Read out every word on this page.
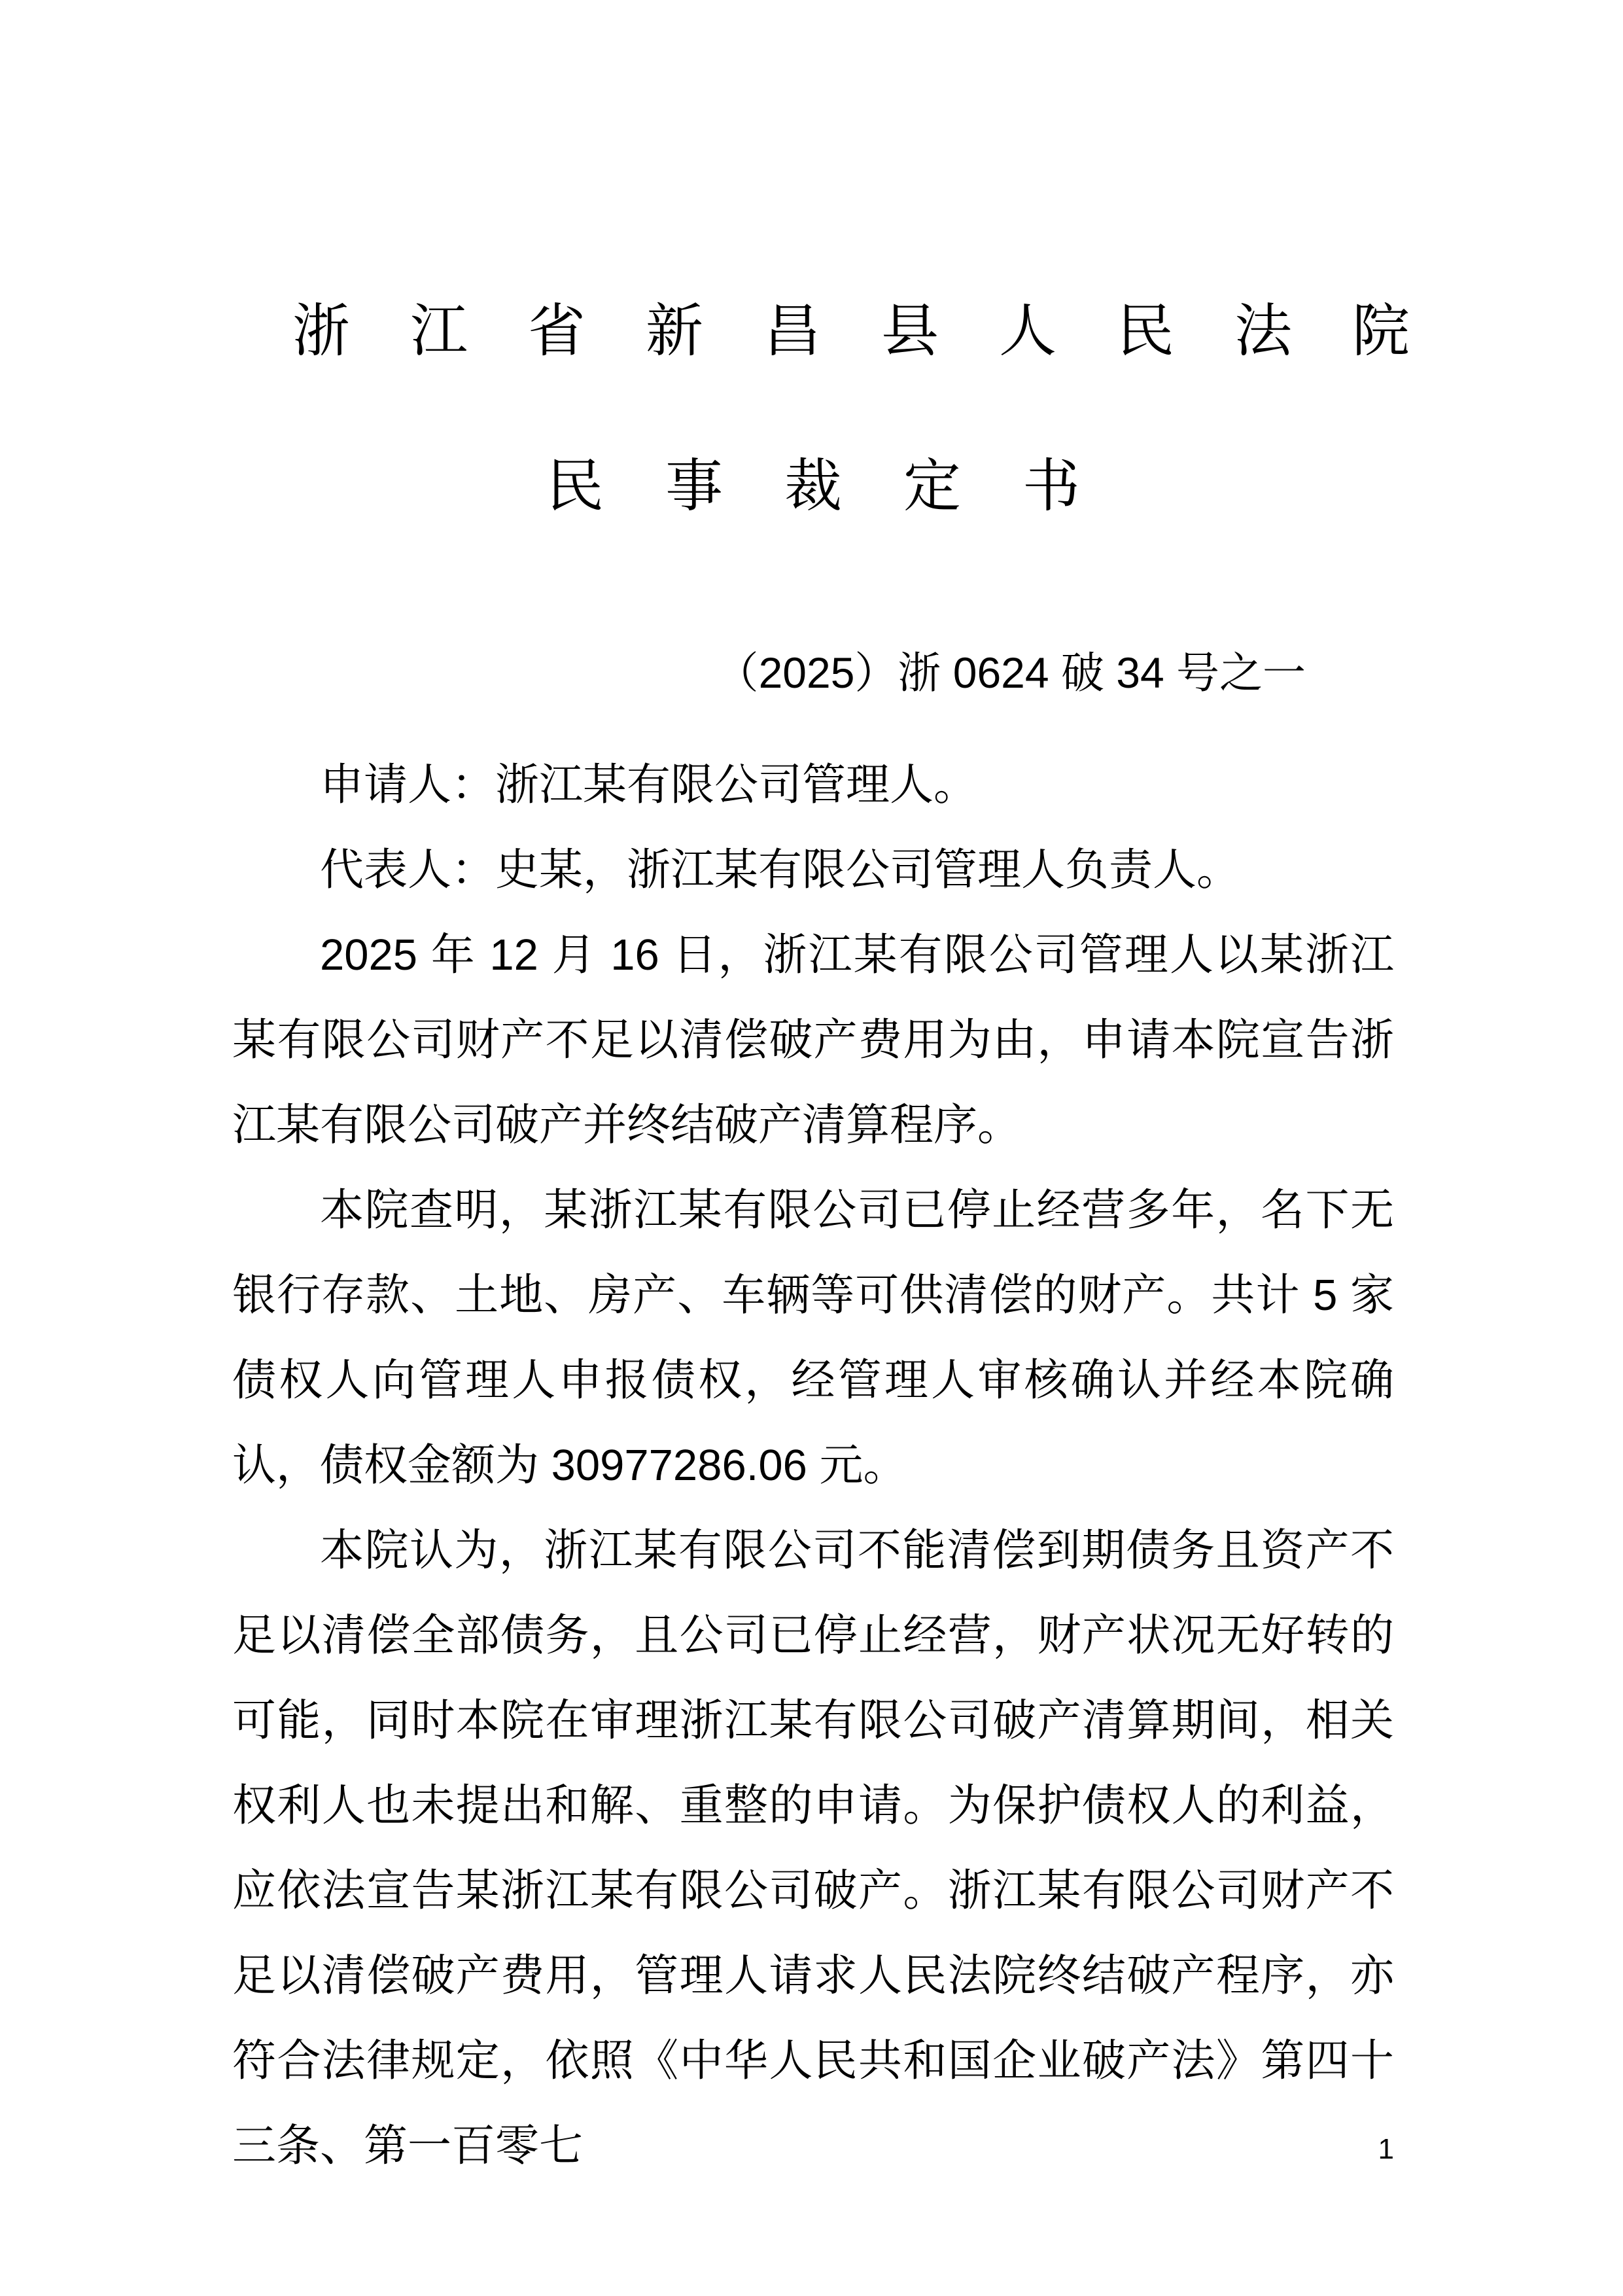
浙江省新昌县人民法院
民事裁定书
（2025）浙 0624 破 34 号之一

申请人：浙江某有限公司管理人。

代表人：史某，浙江某有限公司管理人负责人。

2025 年 12 月 16 日，浙江某有限公司管理人以某浙江某有限公司财产不足以清偿破产费用为由，申请本院宣告浙江某有限公司破产并终结破产清算程序。

本院查明，某浙江某有限公司已停止经营多年，名下无银行存款、土地、房产、车辆等可供清偿的财产。共计 5 家债权人向管理人申报债权，经管理人审核确认并经本院确认，债权金额为 30977286.06 元。

本院认为，浙江某有限公司不能清偿到期债务且资产不足以清偿全部债务，且公司已停止经营，财产状况无好转的可能，同时本院在审理浙江某有限公司破产清算期间，相关权利人也未提出和解、重整的申请。为保护债权人的利益，应依法宣告某浙江某有限公司破产。浙江某有限公司财产不足以清偿破产费用，管理人请求人民法院终结破产程序，亦符合法律规定，依照《中华人民共和国企业破产法》第四十三条、第一百零七	1
